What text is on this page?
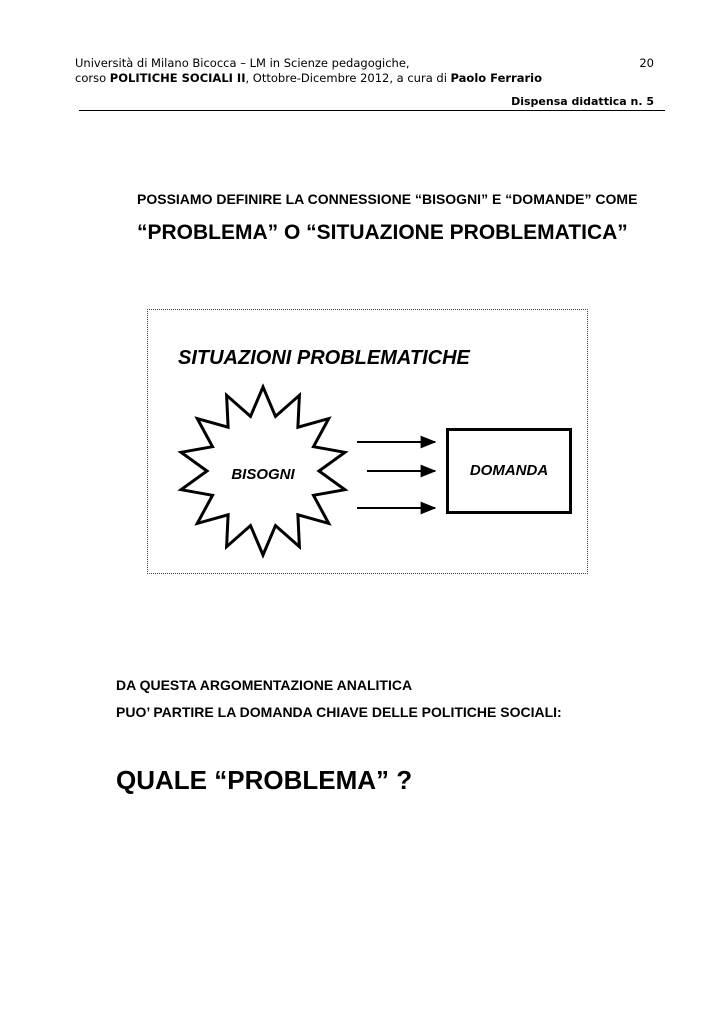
Università di Milano Bicocca – LM in Scienze pedagogiche,
corso POLITICHE SOCIALI II, Ottobre-Dicembre 2012, a cura di Paolo Ferrario
20
Dispensa didattica n. 5
POSSIAMO DEFINIRE LA CONNESSIONE “BISOGNI” E “DOMANDE” COME
“PROBLEMA” O “SITUAZIONE PROBLEMATICA”
SITUAZIONI PROBLEMATICHE
BISOGNI	DOMANDA
DA QUESTA ARGOMENTAZIONE ANALITICA
PUO’ PARTIRE LA DOMANDA CHIAVE DELLE POLITICHE SOCIALI:
QUALE “PROBLEMA” ?
